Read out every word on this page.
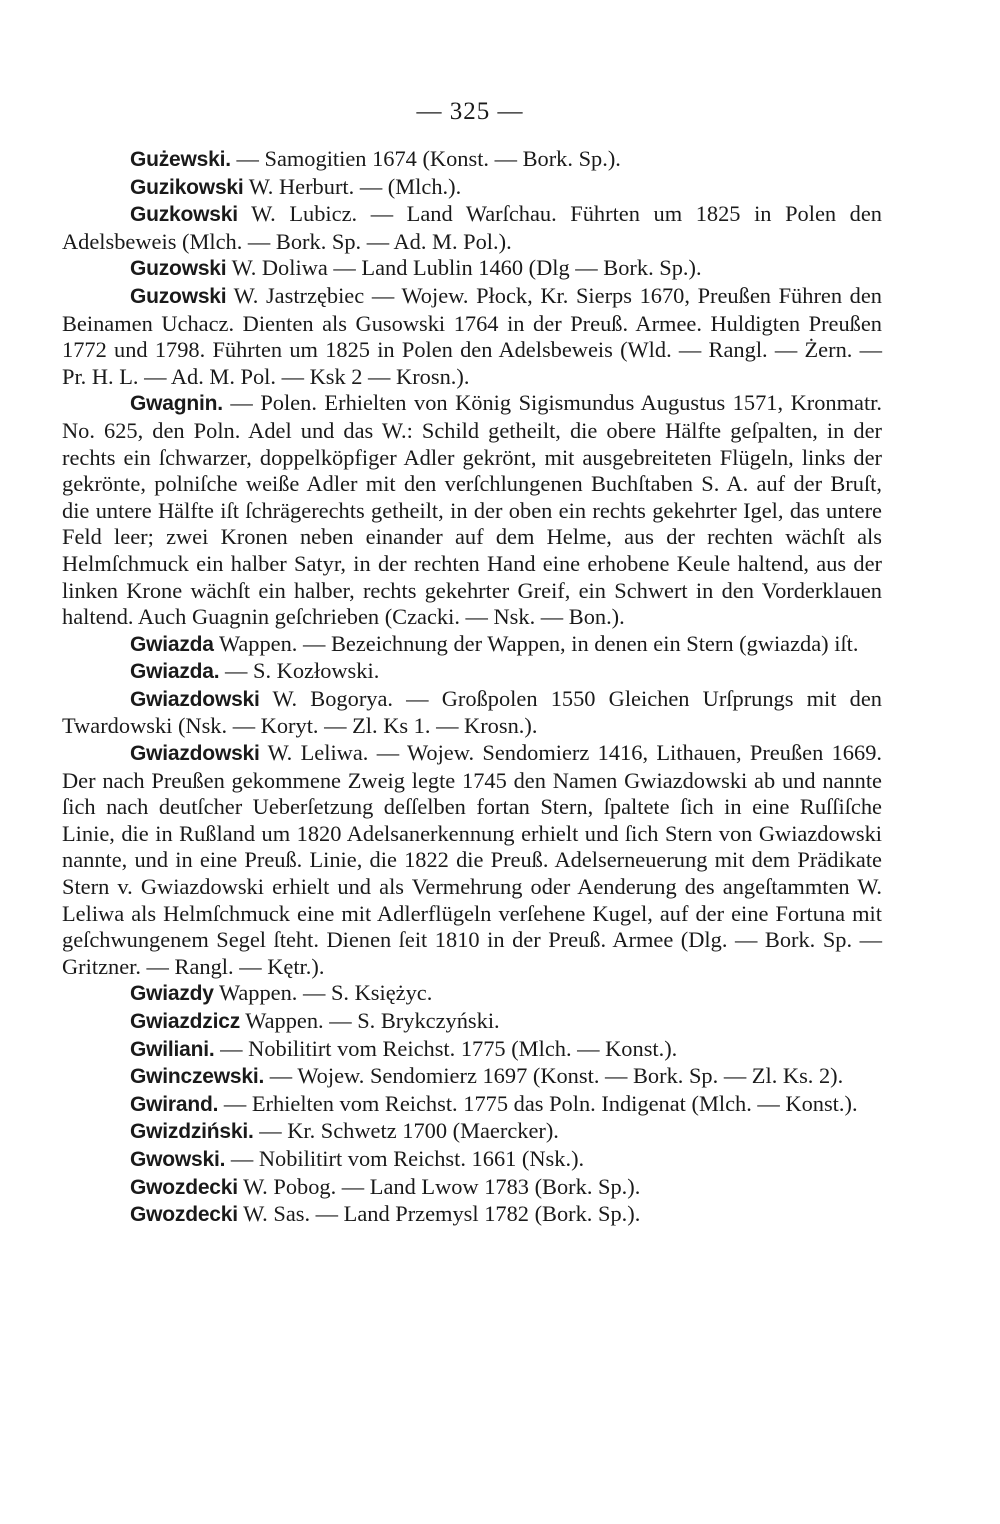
— 325 —

Gużewski. — Samogitien 1674 (Konst. — Bork. Sp.).

Guzikowski W. Herburt. — (Mlch.).

Guzkowski W. Lubicz. — Land Warſchau. Führten um 1825 in Polen den Adelsbeweis (Mlch. — Bork. Sp. — Ad. M. Pol.).

Guzowski W. Doliwa — Land Lublin 1460 (Dlg — Bork. Sp.).

Guzowski W. Jastrzębiec — Wojew. Płock, Kr. Sierps 1670, Preußen Führen den Beinamen Uchacz. Dienten als Gusowski 1764 in der Preuß. Armee. Huldigten Preußen 1772 und 1798. Führten um 1825 in Polen den Adelsbeweis (Wld. — Rangl. — Żern. — Pr. H. L. — Ad. M. Pol. — Ksk 2 — Krosn.).

Gwagnin. — Polen. Erhielten von König Sigismundus Augustus 1571, Kronmatr. No. 625, den Poln. Adel und das W.: Schild getheilt, die obere Hälfte geſpalten, in der rechts ein ſchwarzer, doppelköpfiger Adler gekrönt, mit ausgebreiteten Flügeln, links der gekrönte, polniſche weiße Adler mit den verſchlungenen Buchſtaben S. A. auf der Bruſt, die untere Hälfte iſt ſchrägerechts getheilt, in der oben ein rechts gekehrter Igel, das untere Feld leer; zwei Kronen neben einander auf dem Helme, aus der rechten wächſt als Helmſchmuck ein halber Satyr, in der rechten Hand eine erhobene Keule haltend, aus der linken Krone wächſt ein halber, rechts gekehrter Greif, ein Schwert in den Vorderklauen haltend. Auch Guagnin geſchrieben (Czacki. — Nsk. — Bon.).

Gwiazda Wappen. — Bezeichnung der Wappen, in denen ein Stern (gwiazda) iſt.

Gwiazda. — S. Kozłowski.

Gwiazdowski W. Bogorya. — Großpolen 1550 Gleichen Urſprungs mit den Twardowski (Nsk. — Koryt. — Zl. Ks 1. — Krosn.).

Gwiazdowski W. Leliwa. — Wojew. Sendomierz 1416, Lithauen, Preußen 1669. Der nach Preußen gekommene Zweig legte 1745 den Namen Gwiazdowski ab und nannte ſich nach deutſcher Ueberſetzung deſſelben fortan Stern, ſpaltete ſich in eine Ruſſiſche Linie, die in Rußland um 1820 Adelsanerkennung erhielt und ſich Stern von Gwiazdowski nannte, und in eine Preuß. Linie, die 1822 die Preuß. Adelserneuerung mit dem Prädikate Stern v. Gwiazdowski erhielt und als Vermehrung oder Aenderung des angeſtammten W. Leliwa als Helmſchmuck eine mit Adlerflügeln verſehene Kugel, auf der eine Fortuna mit geſchwungenem Segel ſteht. Dienen ſeit 1810 in der Preuß. Armee (Dlg. — Bork. Sp. — Gritzner. — Rangl. — Kętr.).

Gwiazdy Wappen. — S. Księżyc.

Gwiazdzicz Wappen. — S. Brykczyński.

Gwiliani. — Nobilitirt vom Reichst. 1775 (Mlch. — Konst.).

Gwinczewski. — Wojew. Sendomierz 1697 (Konst. — Bork. Sp. — Zl. Ks. 2).

Gwirand. — Erhielten vom Reichst. 1775 das Poln. Indigenat (Mlch. — Konst.).

Gwizdziński. — Kr. Schwetz 1700 (Maercker).

Gwowski. — Nobilitirt vom Reichst. 1661 (Nsk.).

Gwozdecki W. Pobog. — Land Lwow 1783 (Bork. Sp.).

Gwozdecki W. Sas. — Land Przemysl 1782 (Bork. Sp.).
